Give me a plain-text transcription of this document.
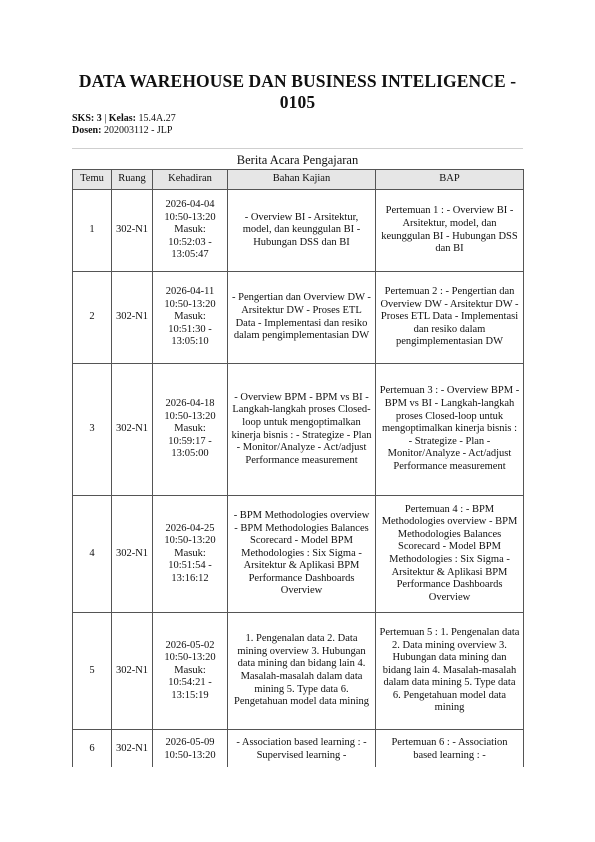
DATA WAREHOUSE DAN BUSINESS INTELIGENCE - 0105
SKS: 3 | Kelas: 15.4A.27
Dosen: 202003112 - JLP
Berita Acara Pengajaran
Temu	Ruang	Kehadiran	Bahan Kajian	BAP
1	302-N1	2026-04-04 10:50-13:20 Masuk: 10:52:03 - 13:05:47	- Overview BI - Arsitektur, model, dan keunggulan BI - Hubungan DSS dan BI	Pertemuan 1 : - Overview BI - Arsitektur, model, dan keunggulan BI - Hubungan DSS dan BI
2	302-N1	2026-04-11 10:50-13:20 Masuk: 10:51:30 - 13:05:10	- Pengertian dan Overview DW - Arsitektur DW - Proses ETL Data - Implementasi dan resiko dalam pengimplementasian DW	Pertemuan 2 : - Pengertian dan Overview DW - Arsitektur DW - Proses ETL Data - Implementasi dan resiko dalam pengimplementasian DW
3	302-N1	2026-04-18 10:50-13:20 Masuk: 10:59:17 - 13:05:00	- Overview BPM - BPM vs BI - Langkah-langkah proses Closed-loop untuk mengoptimalkan kinerja bisnis : - Strategize - Plan - Monitor/Analyze - Act/adjust Performance measurement	Pertemuan 3 : - Overview BPM - BPM vs BI - Langkah-langkah proses Closed-loop untuk mengoptimalkan kinerja bisnis : - Strategize - Plan - Monitor/Analyze - Act/adjust Performance measurement
4	302-N1	2026-04-25 10:50-13:20 Masuk: 10:51:54 - 13:16:12	- BPM Methodologies overview - BPM Methodologies Balances Scorecard - Model BPM Methodologies : Six Sigma - Arsitektur & Aplikasi BPM Performance Dashboards Overview	Pertemuan 4 : - BPM Methodologies overview - BPM Methodologies Balances Scorecard - Model BPM Methodologies : Six Sigma - Arsitektur & Aplikasi BPM Performance Dashboards Overview
5	302-N1	2026-05-02 10:50-13:20 Masuk: 10:54:21 - 13:15:19	1. Pengenalan data 2. Data mining overview 3. Hubungan data mining dan bidang lain 4. Masalah-masalah dalam data mining 5. Type data 6. Pengetahuan model data mining	Pertemuan 5 : 1. Pengenalan data 2. Data mining overview 3. Hubungan data mining dan bidang lain 4. Masalah-masalah dalam data mining 5. Type data 6. Pengetahuan model data mining
6	302-N1	2026-05-09 10:50-13:20	- Association based learning : - Supervised learning -	Pertemuan 6 : - Association based learning : -
